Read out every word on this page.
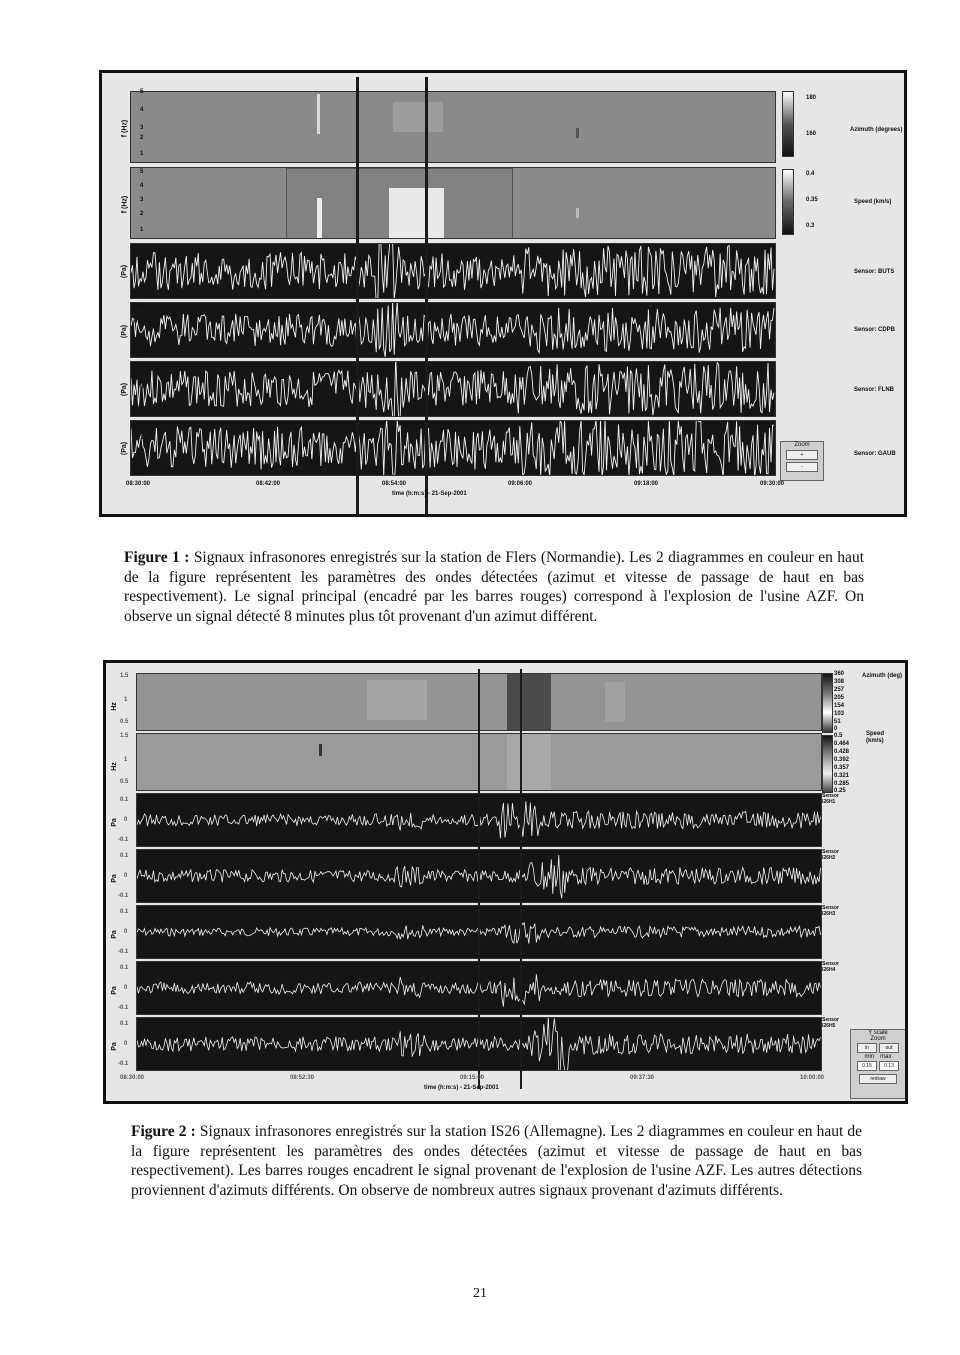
5
4
3
2
1
f (Hz)
5
4
3
2
1
f (Hz)
1
0
-1
(Pa)
0.4
0.2
0
-0.2
(Pa)
1
0
-1
(Pa)
2
1
0
-1
-2
(Pa)
180
160
0.4
0.35
0.3
Azimuth (degrees)
Speed (km/s)
Sensor: BUTS
Sensor: CDPB
Sensor: FLNB
Sensor: GAUB
Zoom
+
-
08:30:00	08:42:00	08:54:00	09:06:00	09:18:00	09:30:00
time (h:m:s) - 21-Sep-2001
Figure 1 : Signaux infrasonores enregistrés sur la station de Flers (Normandie). Les 2 diagrammes en couleur en haut de la figure représentent les paramètres des ondes détectées (azimut et vitesse de passage de haut en bas respectivement). Le signal principal (encadré par les barres rouges) correspond à l'explosion de l'usine AZF. On observe un signal détecté 8 minutes plus tôt provenant d'un azimut différent.
1.5
1
0.5
Hz
1.5
1
0.5
Hz
0.1
0
-0.1
Pa
0.1
0
-0.1
Pa
0.1
0
-0.1
Pa
0.1
0
-0.1
Pa
0.1
0
-0.1
Pa
360
308
257
205
154
103
51
0
0.5
0.464
0.428
0.392
0.357
0.321
0.285
0.25
Azimuth (deg)
Speed (km/s)
Sensor I26H1
Sensor I26H2
Sensor I26H3
Sensor I26H4
Sensor I26H5
Y scale
Zoom
in	out
min max
0.15	0.13
redraw
08:30:00	08:52:30	09:15:00	09:37:30	10:00:00
time (h:m:s) - 21-Sep-2001
Figure 2 : Signaux infrasonores enregistrés sur la station IS26 (Allemagne). Les 2 diagrammes en couleur en haut de la figure représentent les paramètres des ondes détectées (azimut et vitesse de passage de haut en bas respectivement). Les barres rouges encadrent le signal provenant de l'explosion de l'usine AZF. Les autres détections proviennent d'azimuts différents. On observe de nombreux autres signaux provenant d'azimuts différents.
21
